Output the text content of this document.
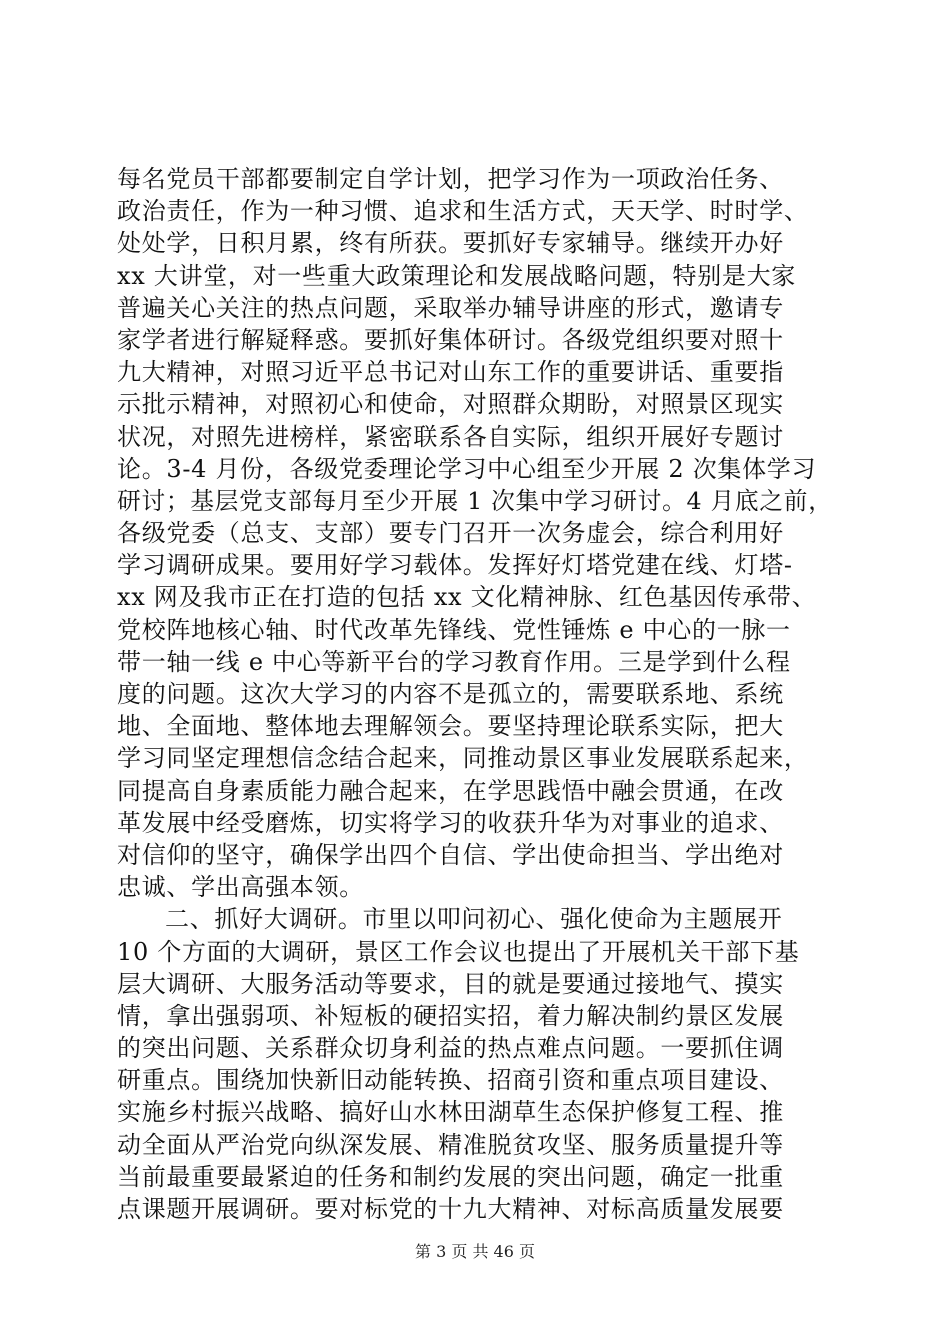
每名党员干部都要制定自学计划，把学习作为一项政治任务、
政治责任，作为一种习惯、追求和生活方式，天天学、时时学、
处处学，日积月累，终有所获。要抓好专家辅导。继续开办好
xx 大讲堂，对一些重大政策理论和发展战略问题，特别是大家
普遍关心关注的热点问题，采取举办辅导讲座的形式，邀请专
家学者进行解疑释惑。要抓好集体研讨。各级党组织要对照十
九大精神，对照习近平总书记对山东工作的重要讲话、重要指
示批示精神，对照初心和使命，对照群众期盼，对照景区现实
状况，对照先进榜样，紧密联系各自实际，组织开展好专题讨
论。3-4 月份，各级党委理论学习中心组至少开展 2 次集体学习
研讨；基层党支部每月至少开展 1 次集中学习研讨。4 月底之前，
各级党委（总支、支部）要专门召开一次务虚会，综合利用好
学习调研成果。要用好学习载体。发挥好灯塔党建在线、灯塔-
xx 网及我市正在打造的包括 xx 文化精神脉、红色基因传承带、
党校阵地核心轴、时代改革先锋线、党性锤炼 e 中心的一脉一
带一轴一线 e 中心等新平台的学习教育作用。三是学到什么程
度的问题。这次大学习的内容不是孤立的，需要联系地、系统
地、全面地、整体地去理解领会。要坚持理论联系实际，把大
学习同坚定理想信念结合起来，同推动景区事业发展联系起来，
同提高自身素质能力融合起来，在学思践悟中融会贯通，在改
革发展中经受磨炼，切实将学习的收获升华为对事业的追求、
对信仰的坚守，确保学出四个自信、学出使命担当、学出绝对
忠诚、学出高强本领。
二、抓好大调研。市里以叩问初心、强化使命为主题展开
10 个方面的大调研，景区工作会议也提出了开展机关干部下基
层大调研、大服务活动等要求，目的就是要通过接地气、摸实
情，拿出强弱项、补短板的硬招实招，着力解决制约景区发展
的突出问题、关系群众切身利益的热点难点问题。一要抓住调
研重点。围绕加快新旧动能转换、招商引资和重点项目建设、
实施乡村振兴战略、搞好山水林田湖草生态保护修复工程、推
动全面从严治党向纵深发展、精准脱贫攻坚、服务质量提升等
当前最重要最紧迫的任务和制约发展的突出问题，确定一批重
点课题开展调研。要对标党的十九大精神、对标高质量发展要
第 3 页 共 46 页
